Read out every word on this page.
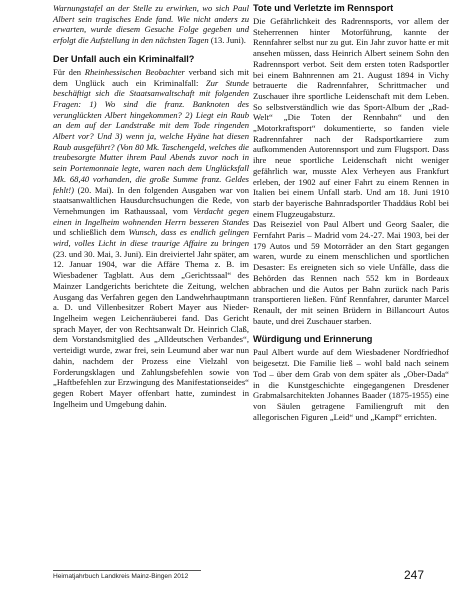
Warnungstafel an der Stelle zu erwirken, wo sich Paul Albert sein tragisches Ende fand. Wie nicht anders zu erwarten, wurde diesem Gesuche Folge gegeben und erfolgt die Aufstellung in den nächsten Tagen (13. Juni).

Der Unfall auch ein Kriminalfall?

Für den Rheinhessischen Beobachter verband sich mit dem Unglück auch ein Kriminalfall: Zur Stunde beschäftigt sich die Staatsanwaltschaft mit folgenden Fragen: 1) Wo sind die franz. Banknoten des verunglückten Albert hingekommen? 2) Liegt ein Raub an dem auf der Landstraße mit dem Tode ringenden Albert vor? Und 3) wenn ja, welche Hyäne hat diesen Raub ausgeführt? (Von 80 Mk. Taschengeld, welches die treubesorgte Mutter ihrem Paul Abends zuvor noch in sein Portemonnaie legte, waren nach dem Unglücksfall Mk. 68,40 vorhanden, die große Summe franz. Geldes fehlt!) (20. Mai). In den folgenden Ausgaben war von staatsanwaltlichen Hausdurchsuchungen die Rede, von Vernehmungen im Rathaussaal, vom Verdacht gegen einen in Ingelheim wohnenden Herrn besseren Standes und schließlich dem Wunsch, dass es endlich gelingen wird, volles Licht in diese traurige Affaire zu bringen (23. und 30. Mai, 3. Juni). Ein dreiviertel Jahr später, am 12. Januar 1904, war die Affäre Thema z. B. im Wiesbadener Tagblatt. Aus dem „Gerichtssaal“ des Mainzer Landgerichts berichtete die Zeitung, welchen Ausgang das Verfahren gegen den Landwehrhauptmann a. D. und Villenbesitzer Robert Mayer aus Nieder-Ingelheim wegen Leichenräuberei fand. Das Gericht sprach Mayer, der von Rechtsanwalt Dr. Heinrich Claß, dem Vorstandsmitglied des „Alldeutschen Verbandes“, verteidigt wurde, zwar frei, sein Leumund aber war nun dahin, nachdem der Prozess eine Vielzahl von Forderungsklagen und Zahlungsbefehlen sowie von „Haftbefehlen zur Erzwingung des Manifestationseides“ gegen Robert Mayer offenbart hatte, zumindest in Ingelheim und Umgebung dahin.

Tote und Verletzte im Rennsport

Die Gefährlichkeit des Radrennsports, vor allem der Steherrennen hinter Motorführung, kannte der Rennfahrer selbst nur zu gut. Ein Jahr zuvor hatte er mit ansehen müssen, dass Heinrich Albert seinem Sohn den Radrennsport verbot. Seit dem ersten toten Radsportler bei einem Bahnrennen am 21. August 1894 in Vichy betrauerte die Radrennfahrer, Schrittmacher und Zuschauer ihre sportliche Leidenschaft mit dem Leben. So selbstverständlich wie das Sport-Album der „Rad-Welt“ „Die Toten der Rennbahn“ und den „Motorkraftsport“ dokumentierte, so fanden viele Radrennfahrer nach der Radsportkarriere zum aufkommenden Autorennsport und zum Flugsport. Dass ihre neue sportliche Leidenschaft nicht weniger gefährlich war, musste Alex Verheyen aus Frankfurt erleben, der 1902 auf einer Fahrt zu einem Rennen in Italien bei einem Unfall starb. Und am 18. Juni 1910 starb der bayerische Bahnradsportler Thaddäus Robl bei einem Flugzeugabsturz.

Das Reiseziel von Paul Albert und Georg Saaler, die Fernfahrt Paris – Madrid vom 24.-27. Mai 1903, bei der 179 Autos und 59 Motorräder an den Start gegangen waren, wurde zu einem menschlichen und sportlichen Desaster: Es ereigneten sich so viele Unfälle, dass die Behörden das Rennen nach 552 km in Bordeaux abbrachen und die Autos per Bahn zurück nach Paris transportieren ließen. Fünf Rennfahrer, darunter Marcel Renault, der mit seinen Brüdern in Billancourt Autos baute, und drei Zuschauer starben.

Würdigung und Erinnerung

Paul Albert wurde auf dem Wiesbadener Nordfriedhof beigesetzt. Die Familie ließ – wohl bald nach seinem Tod – über dem Grab von dem später als „Ober-Dada“ in die Kunstgeschichte eingegangenen Dresdener Grabmalsarchitekten Johannes Baader (1875-1955) eine von Säulen getragene Familiengruft mit den allegorischen Figuren „Leid“ und „Kampf“ errichten.

Heimatjahrbuch Landkreis Mainz-Bingen 2012	247
